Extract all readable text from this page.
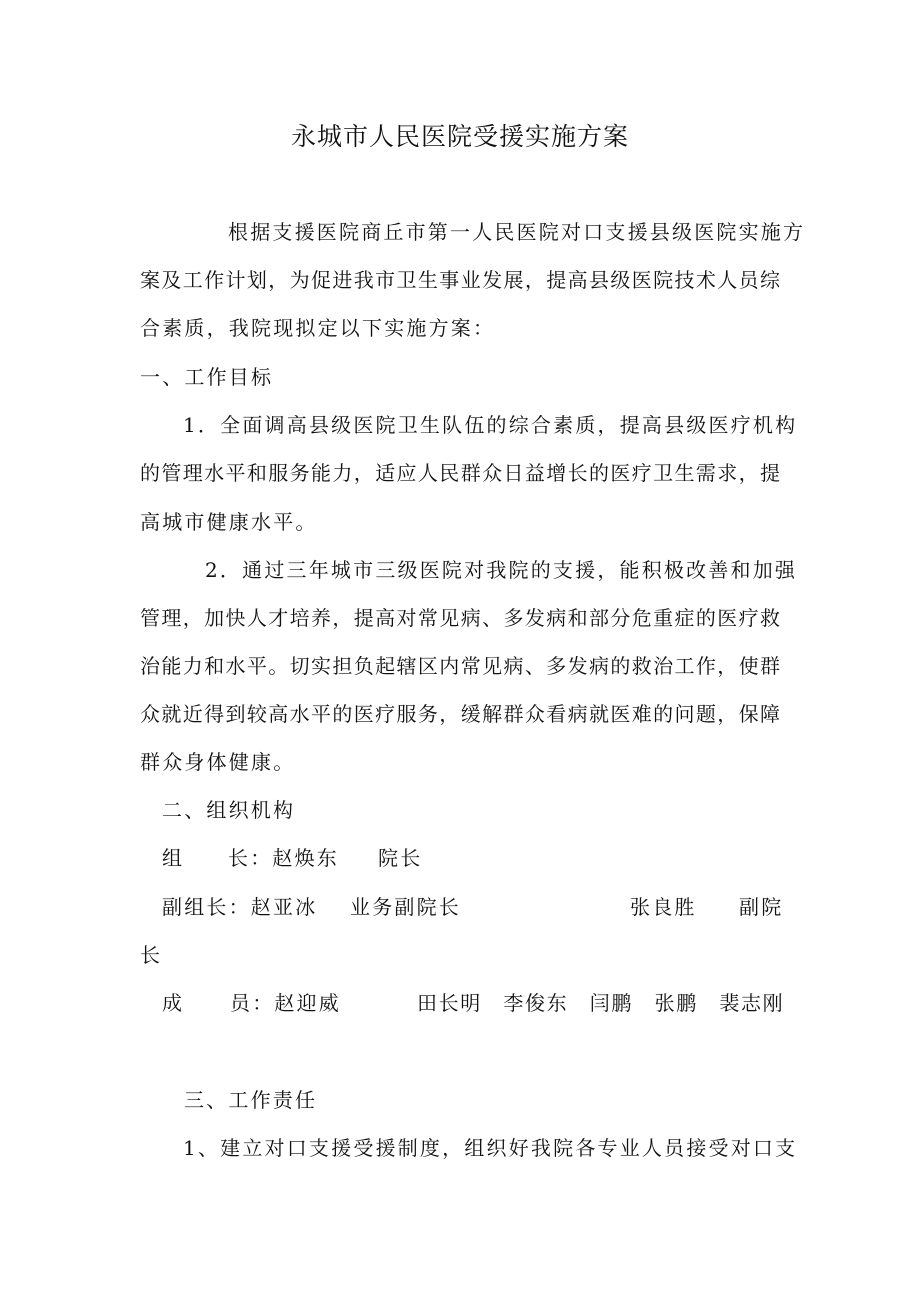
永城市人民医院受援实施方案
根据支援医院商丘市第一人民医院对口支援县级医院实施方
案及工作计划，为促进我市卫生事业发展，提高县级医院技术人员综
合素质，我院现拟定以下实施方案：
一、工作目标
1．全面调高县级医院卫生队伍的综合素质，提高县级医疗机构
的管理水平和服务能力，适应人民群众日益增长的医疗卫生需求，提
高城市健康水平。
2．通过三年城市三级医院对我院的支援，能积极改善和加强
管理，加快人才培养，提高对常见病、多发病和部分危重症的医疗救
治能力和水平。切实担负起辖区内常见病、多发病的救治工作，使群
众就近得到较高水平的医疗服务，缓解群众看病就医难的问题，保障
群众身体健康。
二、组织机构
组 长：赵焕东 院长
副组长：赵亚冰 业务副院长	张良胜 副院
长
成 员：赵迎威	田长明　李俊东　闫鹏　张鹏　裴志刚
三、工作责任
1、建立对口支援受援制度，组织好我院各专业人员接受对口支
